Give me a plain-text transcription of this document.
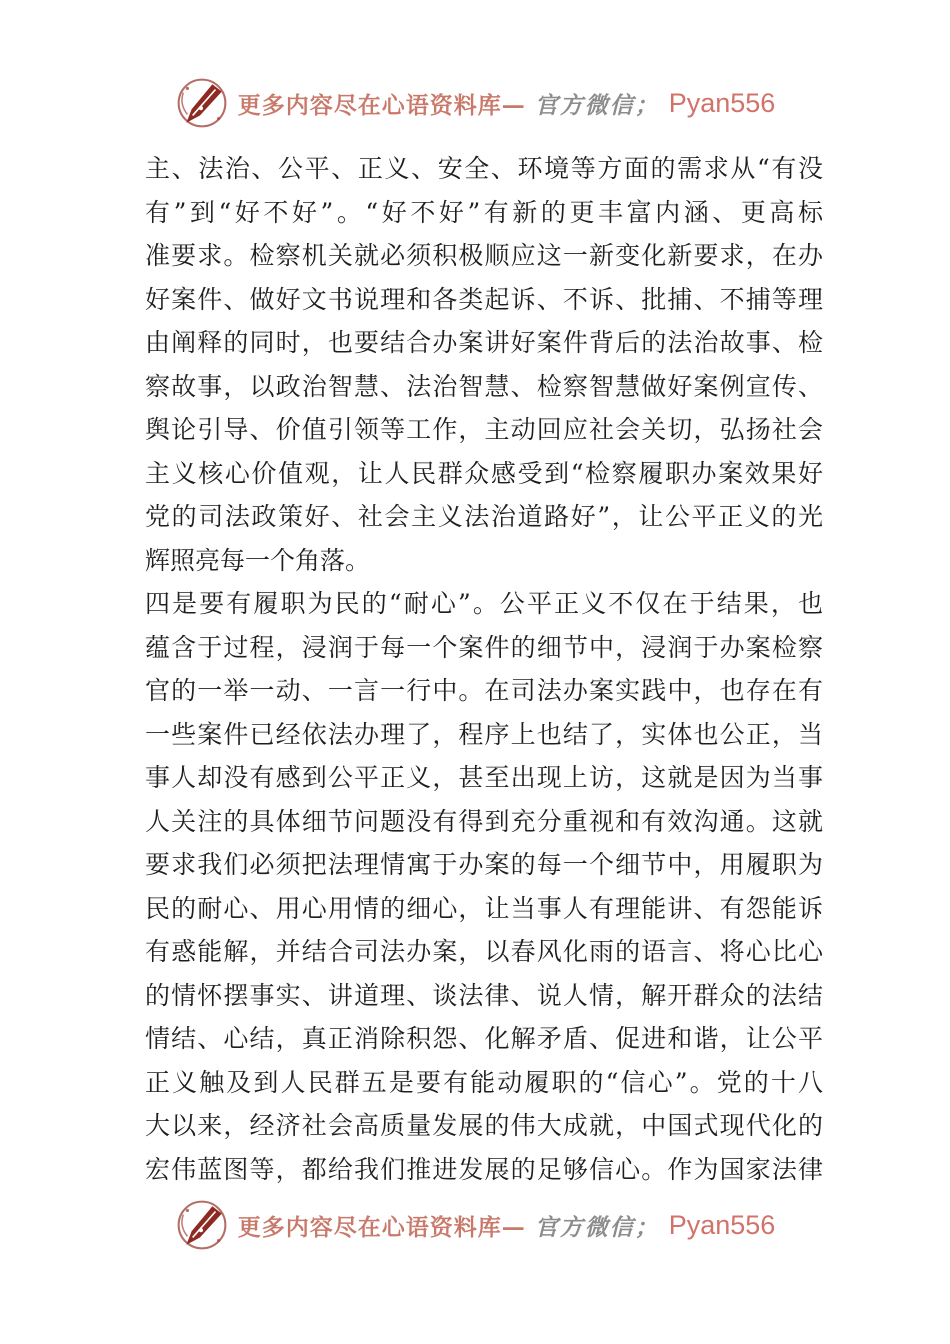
更多内容尽在心语资料库— 官方微信； Pyan556
主、法治、公平、正义、安全、环境等方面的需求从“有没
有”到“好不好”。“好不好”有新的更丰富内涵、更高标
准要求。检察机关就必须积极顺应这一新变化新要求，在办
好案件、做好文书说理和各类起诉、不诉、批捕、不捕等理
由阐释的同时，也要结合办案讲好案件背后的法治故事、检
察故事，以政治智慧、法治智慧、检察智慧做好案例宣传、
舆论引导、价值引领等工作，主动回应社会关切，弘扬社会
主义核心价值观，让人民群众感受到“检察履职办案效果好
党的司法政策好、社会主义法治道路好”，让公平正义的光
辉照亮每一个角落。
四是要有履职为民的“耐心”。公平正义不仅在于结果，也
蕴含于过程，浸润于每一个案件的细节中，浸润于办案检察
官的一举一动、一言一行中。在司法办案实践中，也存在有
一些案件已经依法办理了，程序上也结了，实体也公正，当
事人却没有感到公平正义，甚至出现上访，这就是因为当事
人关注的具体细节问题没有得到充分重视和有效沟通。这就
要求我们必须把法理情寓于办案的每一个细节中，用履职为
民的耐心、用心用情的细心，让当事人有理能讲、有怨能诉
有惑能解，并结合司法办案，以春风化雨的语言、将心比心
的情怀摆事实、讲道理、谈法律、说人情，解开群众的法结
情结、心结，真正消除积怨、化解矛盾、促进和谐，让公平
正义触及到人民群五是要有能动履职的“信心”。党的十八
大以来，经济社会高质量发展的伟大成就，中国式现代化的
宏伟蓝图等，都给我们推进发展的足够信心。作为国家法律
更多内容尽在心语资料库— 官方微信； Pyan556
